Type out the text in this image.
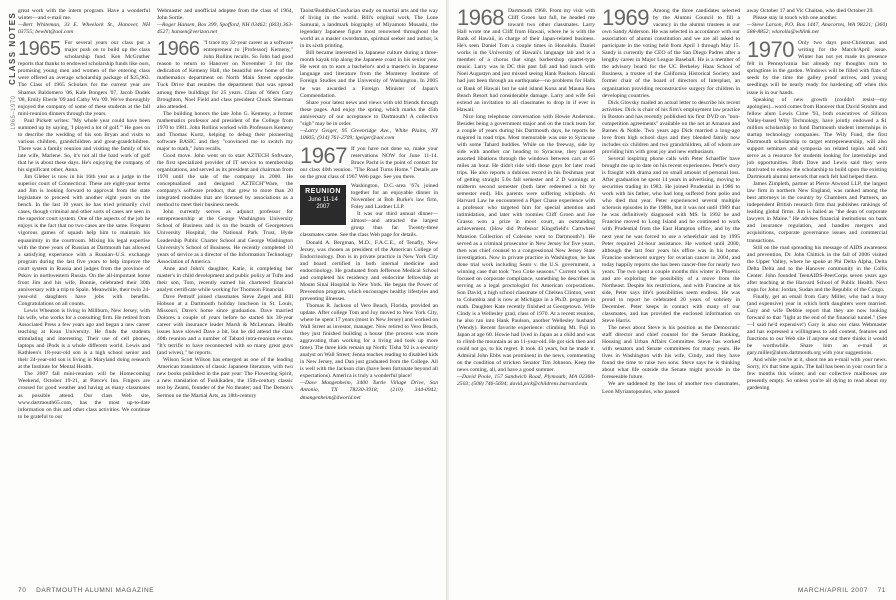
1965–1970 CLASS NOTES

great work with the intern program. Have a wonderful winter—and e-mail me.

—Bert Whiteman, 33 E. Wheelock St., Hanover, NH 03755; bewhit@aol.com

1965 For several years our class put a major push on to build up the class scholarship fund. Ken McGruther reports that thanks to endowed scholarship funds like ours, promising young men and women of the entering class were offered an average scholarship package of $25,963. The Class of 1965 Scholars for the current year are Shamus Baldomero '06, Kale Bongers '07, Jacob Dudek '08, Emily Eberle '09 and Cathy Wu '09. We've thoroughly enjoyed the company of some of these students at the fall mini-reunion dinners through the years.

Paul Pickett writes: "My whole year could have been summed up by saying, 'I played a lot of golf.'" He goes on to describe the wedding of his son Bryan and visits to various children, grandchildren and great-grandchildren. There was a family reunion and visiting the family of his late wife, Marlene. So, it's not all the hard work of golf that he is about these days. He's enjoying the company of his significant other, Anna.

Jim Gleber is now in his 16th year as a judge in the superior court of Connecticut. These are eight-year terms and Jim is looking forward to approval from the state legislature to proceed with another eight years on the bench. In the last 10 years he has tried primarily civil cases, though criminal and other sorts of cases are seen in the superior court system. One of the aspects of the job he enjoys is the fact that no two cases are the same. Frequent vigorous games of squash help him to maintain his equanimity in the courtroom. Mixing his legal expertise with the three years of Russian at Dartmouth has allowed a satisfying experience with a Russian–U.S. exchange program during the last five years to help improve the court system in Russia and judges from the province of Pskov in northwestern Russia. On the all-important home front Jim and his wife, Bonnie, celebrated their 30th anniversary with a trip to Spain. Meanwhile, their twin 24-year-old daughters have jobs with benefits. Congratulations on all counts.

Lewis Wheaton is living in Millburn, New Jersey, with his wife, who works for a consulting firm. He retired from Associated Press a few years ago and began a new career teaching at Kean University. He finds the students stimulating and interesting. Their use of cell phones, laptops and iPods is a whole different world. Lewis and Kathleen's 18-year-old son is a high school senior and their 24-year-old son is living in Maryland doing research at the Institute for Mental Health.

The 2007 fall mini-reunion will be Homecoming Weekend, October 19-21, at Pierce's Inn. Fingers are crossed for good weather and having as many classmates as possible attend. Our class Web site, www.dartmouth65.com, has the most up-to-date information on this and other class activities. We continue to be grateful to our

Webmaster and unofficial adoptee from the class of 1964, John Sortie.

—Roger Hansen, Box 399, Spofford, NH 03462; (603) 363-4527; hansen@verizon.net

1966 "I trace my 32-year career as a software entrepreneur to [Professor] Kemeny," John Rollins recalls. So John had good reason to return to Hanover on November 3 for the dedication of Kemeny Hall, the beautiful new home of the mathematics department on North Main Street opposite Tuck Drive that reunites the department that was spread among three buildings for 25 years. Class of '66ers Gary Broughton, Noel Field and class president Chuck Sherman also attended.

The building honors the late John G. Kemeny, a former mathematics professor and president of the College from 1970 to 1981. John Rollins worked with Professors Kemeny and Thomas Kurtz, helping to debug their pioneering software BASIC and they "convinced me to switch my major to math," John recalls.

Good move. John went on to start AZTECH Software, the first specialized provider of IT service to membership organizations, and served as its president and chairman from 1970 until the sale of the company in 2000. He conceptualized and designed AZTECH"Ware, the company's software product, that grew to more than 20 integrated modules that are licensed by associations as a method to meet their business needs.

John currently serves as adjunct professor for entrepreneurship at the George Washington University School of Business and is on the boards of Georgetown University Hospital, the National Park Trust, Hyde Leadership Public Charter School and George Washington University's School of Business. He recently completed 10 years of service as a director of the Information Technology Association of America.

Anne and John's daughter, Katie, is completing her master's in child development and public policy at Tufts and their son, Tom, recently earned his chartered financial analyst certificate while working for Thomson Financial.

Dave Pettrolf joined classmates Steve Zegel and Bill Hobson at a Dartmouth holiday luncheon in St. Louis, Missouri, Dave's home since graduation. Dave married Dolores a couple of years before he started his 30-year career with insurance leader Marsh & McLennan. Health issues have slowed Dave a bit, but he did attend the class 40th reunion and a number of Tabard intra-reunion events. "It's terrific to have reconnected with so many great guys (and wives)," he reports.

Wilson Scott Wilson has emerged as one of the leading American translators of classic Japanese literature, with two new books published in the past year: The Flowering Spirit, a new translation of Fushikaden, the 15th-century classic text by Zeami, founder of the No theater; and The Demon's Sermon on the Martial Arts, an 18th-century

Taoist/Buddhist/Confucian study on martial arts and the way of living in the world. Bill's original work, The Lone Samurai, a landmark biography of Miyamoto Musashi, the legendary Japanese figure most renowned throughout the world as a master swordsman, spiritual seeker and author, is in its sixth printing.

Bill became interested in Japanese culture during a three-month kayak trip along the Japanese coast in his senior year. He went on to earn a bachelor's and a master's in Japanese language and literature from the Monterey Institute of Foreign Studies and the University of Washington. In 2005 he was awarded a Foreign Minister of Japan's Commendation.

Share your latest news and views with old friends through these pages. And enjoy the spring, which marks the 45th anniversary of our acceptance to Dartmouth! A collective "sigh" may be in order.

—Larry Geiger, 95 Greenridge Ave., White Plains, NY 10605; (914) 761-2709; lgeiger@aol.com

1967 If you have not done so, make your reservations NOW for June 11-14. Bruce Pacht is the point of contact for our class 40th reunion. "The Road Turns Home." Details are on the great class of 1967 Web page. See you there.
REUNION
June 11-14
2007
Washington, D.C.-area '67s joined together for an enjoyable dinner in November at Bob Burke's law firm, Foley and Lardner LLP.

It was our third annual dinner—almost—and attracted the largest group thus far. Twenty-three classmates came. See the class Web page for details.

Donald A. Bergman, M.D., F.A.C.E., of Tenafly, New Jersey, was chosen as president of the American College of Endocrinology. Don is in private practice in New York City and board certified in both internal medicine and endocrinology. He graduated from Jefferson Medical School and completed his residency and endocrine fellowship at Mount Sinai Hospital in New York. He began the Power of Prevention program, which encourages healthy lifestyles and preventing illnesses.

Thomas R. Jackson of Vero Beach, Florida, provided an update. After college Tom and Joy moved to New York City, where he spent 17 years (most in New Jersey) and worked on Wall Street as investor, manager. Now retired to Vero Beach, they just finished building a house (the process was more aggravating than working for a living and took up more time). The three kids remain up North: Tisha '92 is a security analyst on Wall Street; Jenna teaches reading to disabled kids in New Jersey, and Dan just graduated from the College. All is well with the Jackson clan (have been fortunate beyond all expectations). America is truly a wonderful place!

—Dave Mangenheim, 3400 Turtle Village Drive, San Antonio, TX 78230-3918; (210) 344-0942; dmangenheim@dworld.net

70 DARTMOUTH ALUMNI MAGAZINE
1968 Dartmouth 1968. From my visit with Cliff Groen last fall, he headed me toward two other classmates. Larry Hall wrote me and Cliff from Hawaii, where he is with the Bank of Hawaii, in charge of their Japan-related business. He's seen Daniel Tom a couple times in Honolulu. Daniel works in the University of Hawaii's language lab and is a member of a chorus that sings barbershop quartet-type music. Larry was in DC this past fall and had lunch with Noel Augustyn and just missed seeing Hank Paulson. Hawaii had just been through an earthquake—no problems for Halls or Bank of Hawaii but he said island Kona and Mauna Kea Beach Resort had considerable damage. Larry and wife Sol extend an invitation to all classmates to drop in if ever in Hawaii.

Nice long telephone conversation with Howie Anderson. Besides being a government major and on the track team for a couple of years during his Dartmouth days, he reports he majored in road trips. Most memorable was one to Syracuse with some Tabard buddies. While on the freeway, side by side with another car heading to Syracuse, they passed assorted libations through the windows between cars at 65 miles an hour. He didn't ride with those guys for later road trips. He also reports a dubious record in his freshman year of getting straight 5.0s fall semester and 2 D warnings at midterm second semester (both later redeemed a bit by semester end). His parents were suffering whiplash. At Harvard Law he encountered a Piper Chase experience with a professor who targeted him for special attention and intimidation, and later with roomies Cliff Groen and Joe Grasso won a prize in moot court, an outstanding achievement. (How did Professor Kingsfield's Cartwheel Mansion Collection of Coleone went to Dartmouth?). He served as a criminal prosecutor in New Jersey for five years, then was chief counsel to a congressional New Jersey State investigation. Now in private practice in Washington, he has done trial work including Sears v. the U.S. government, a winning case that took "two Coke seasons." Current work is focused on corporate compliance, something he describes as serving as a legal proctologist for American corporations. Son David, a high school classmate of Chelsea Clinton, went to Columbia and is now at Michigan in a Ph.D. program in math. Daughter Kate recently finished at Georgetown. Wife Cindy is a Wellesley grad, class of 1970. At a recent reunion, he also ran into Hank Paulson, another Wellesley husband (Wendy). Recent favorite experience: climbing Mt. Fuji in Japan at age 60. Howie had lived in Japan as a child and was to climb the mountain as an 11-year-old. He got sick then and could not go, to his regret. It took 43 years, but he made it. Admiral John Ebbs was prominent in the news, commenting on the condition of stricken Senator Tim Johnson. Keep the news coming, all, and have a good summer.

—David Poole, 157 Sandwich Road, Plymouth, MA 02360-2503; (508) 746-5694; david.pick@childrens.harvard.edu

1969 Among the three candidates selected by the Alumni Council to fill a vacancy in the alumni trustees is our own Sandy Alderson. He was selected in accordance with our association of alumni constitution and we are all asked to participate in the voting held from April 1 through May 15. Sandy is currently the CEO of the San Diego Padres after a lengthy career in Major League Baseball. He is a member of the advisory board for the UC Berkeley Haas School of Business, a trustee of the California Historical Society and former chair of the board of directors of Interplast, an organization providing reconstructive surgery for children in developing countries.

Dick Glovsky mailed an actual letter to describe his recent activities. Dick is chair of his firm's employment law practice in Boston and has recently published his first DVD on "non-competition agreements" available on the net at Amazon and Barnes & Noble. Two years ago Dick married a long-ago love from high school days and they blended family now includes six children and two grandchildren, all of whom are providing him with great joy and new enthusiasm.

Several inspiring phone calls with Peter Schaeffer have brought me up to date on his recent experiences. Peter's story is fraught with drama and no small amount of personal loss. After graduation he spent 14 years in advertising, moving to securities trading in 1983. He joined Prudential in 1986 to work with his father, who had long suffered from polio and who died that year. Peter experienced several multiple sclerosis episodes in the 1980s, but it was not until 1989 that he was definitively diagnosed with MS. In 1992 he and Francine moved to Long Island and he continued to work with Prudential from the East Hampton office, and by the next year he was forced to use a wheelchair and by 1995 Peter required 24-hour assistance. He worked until 2000, although the last four years his office was in his home. Francine underwent surgery for ovarian cancer in 2004, and today happily reports she has been cancer-free for nearly two years. The two spent a couple months this winter in Phoenix and are exploring the possibility of a move from the Northeast. Despite his restrictions, and with Francine at his side, Peter says life's possibilities seem endless. He was proud to report he celebrated 20 years of sobriety in December. Peter keeps in contact with many of our classmates, and has provided the enclosed information on Steve Harris.

The news about Steve is his position as the Democratic staff director and chief counsel for the Senate Banking, Housing and Urban Affairs Committee. Steve has worked with senators and Senate committees for many years. He lives in Washington with his wife, Cindy, and they have found the time to raise two sons. Steve says he is thinking about what life outside the Senate might provide in the foreseeable future.

We are saddened by the loss of another two classmates, Leon Myriantopoulos, who passed

away October 17 and Vic Chaitan, who died October 29.

Please stay in touch with one another.

—Steve Larson, P.O. Box 1447, Anacortes, WA 98221; (360) 588-8852; wlarolla@whlink.net

1970 Only two days post-Christmas and writing for the March/April issue. Winter has not yet made its presence felt in Pennsylvania but already my thoughts turn to springtime in the garden. Windows will be filled with flats of seeds by the time the galley proof arrives, and young seedlings will be nearly ready for hardening off when this issue is in our hands.

Speaking of new growth (couldn't resist—my apologies)...word comes from Hanover that David Strohm and fellow alum Lewis Cirne '93, both executives of Silicon Valley-based Wily Technology, have jointly endowed a $1 million scholarship to fund Dartmouth student internships in startup technology companies. The Wily Fund, the first Dartmouth scholarship to target entrepreneurship, will also support seminars and symposia on related topics and will serve as a resource for students looking for internships and job opportunities. Both Dave and Lewis said they were motivated to endow the scholarship to build upon the existing Dartmouth alumni network that each felt had helped them.

James Zimpleth, partner at Pierce Atwood LLP, the largest law firm in northern New England, was ranked among the best attorneys in the country by Chambers and Partners, an independent British research firm that publishes rankings of leading global firms. Jim is hailed as "the dean of corporate lawyers in Maine." He advises financial institutions on bank and insurance regulation, and handles mergers and acquisitions, corporate governance issues and commercial transactions.

Still on the road spreading his message of AIDS awareness and prevention, Dr. John Chittick in the fall of 2006 visited the Upper Valley, where he spoke at Phi Delta Alpha, Delta Delta Delta and to the Hanover community in the Collis Center. John founded TeenAIDS-PeerCorps seven years ago after teaching at the Harvard School of Public Health. Next stops for John: Jordan, Sudan and the Republic of the Congo.

Finally, get an email from Gary Miller, who had a busy (and expensive) year in which both daughters were married. Gary and wife Debbie report that they are now looking forward to that "light at the end of the financial tunnel." (See—I said he'd expensive!) Gary is also our class Webmaster and has expressed a willingness to add content, features and functions to our Web site if anyone out there thinks it would be worthwhile. Share him an e-mail at gary.miller@alum.dartmouth.org with your suggestions.

And while you're at it, shoot me an e-mail with your news. Sorry, it's that time again. The ball has been in your court for a few months this winter, and our collective mailboxes are presently empty. So unless you're all dying to read about my gardening

MARCH/APRIL 2007 71
